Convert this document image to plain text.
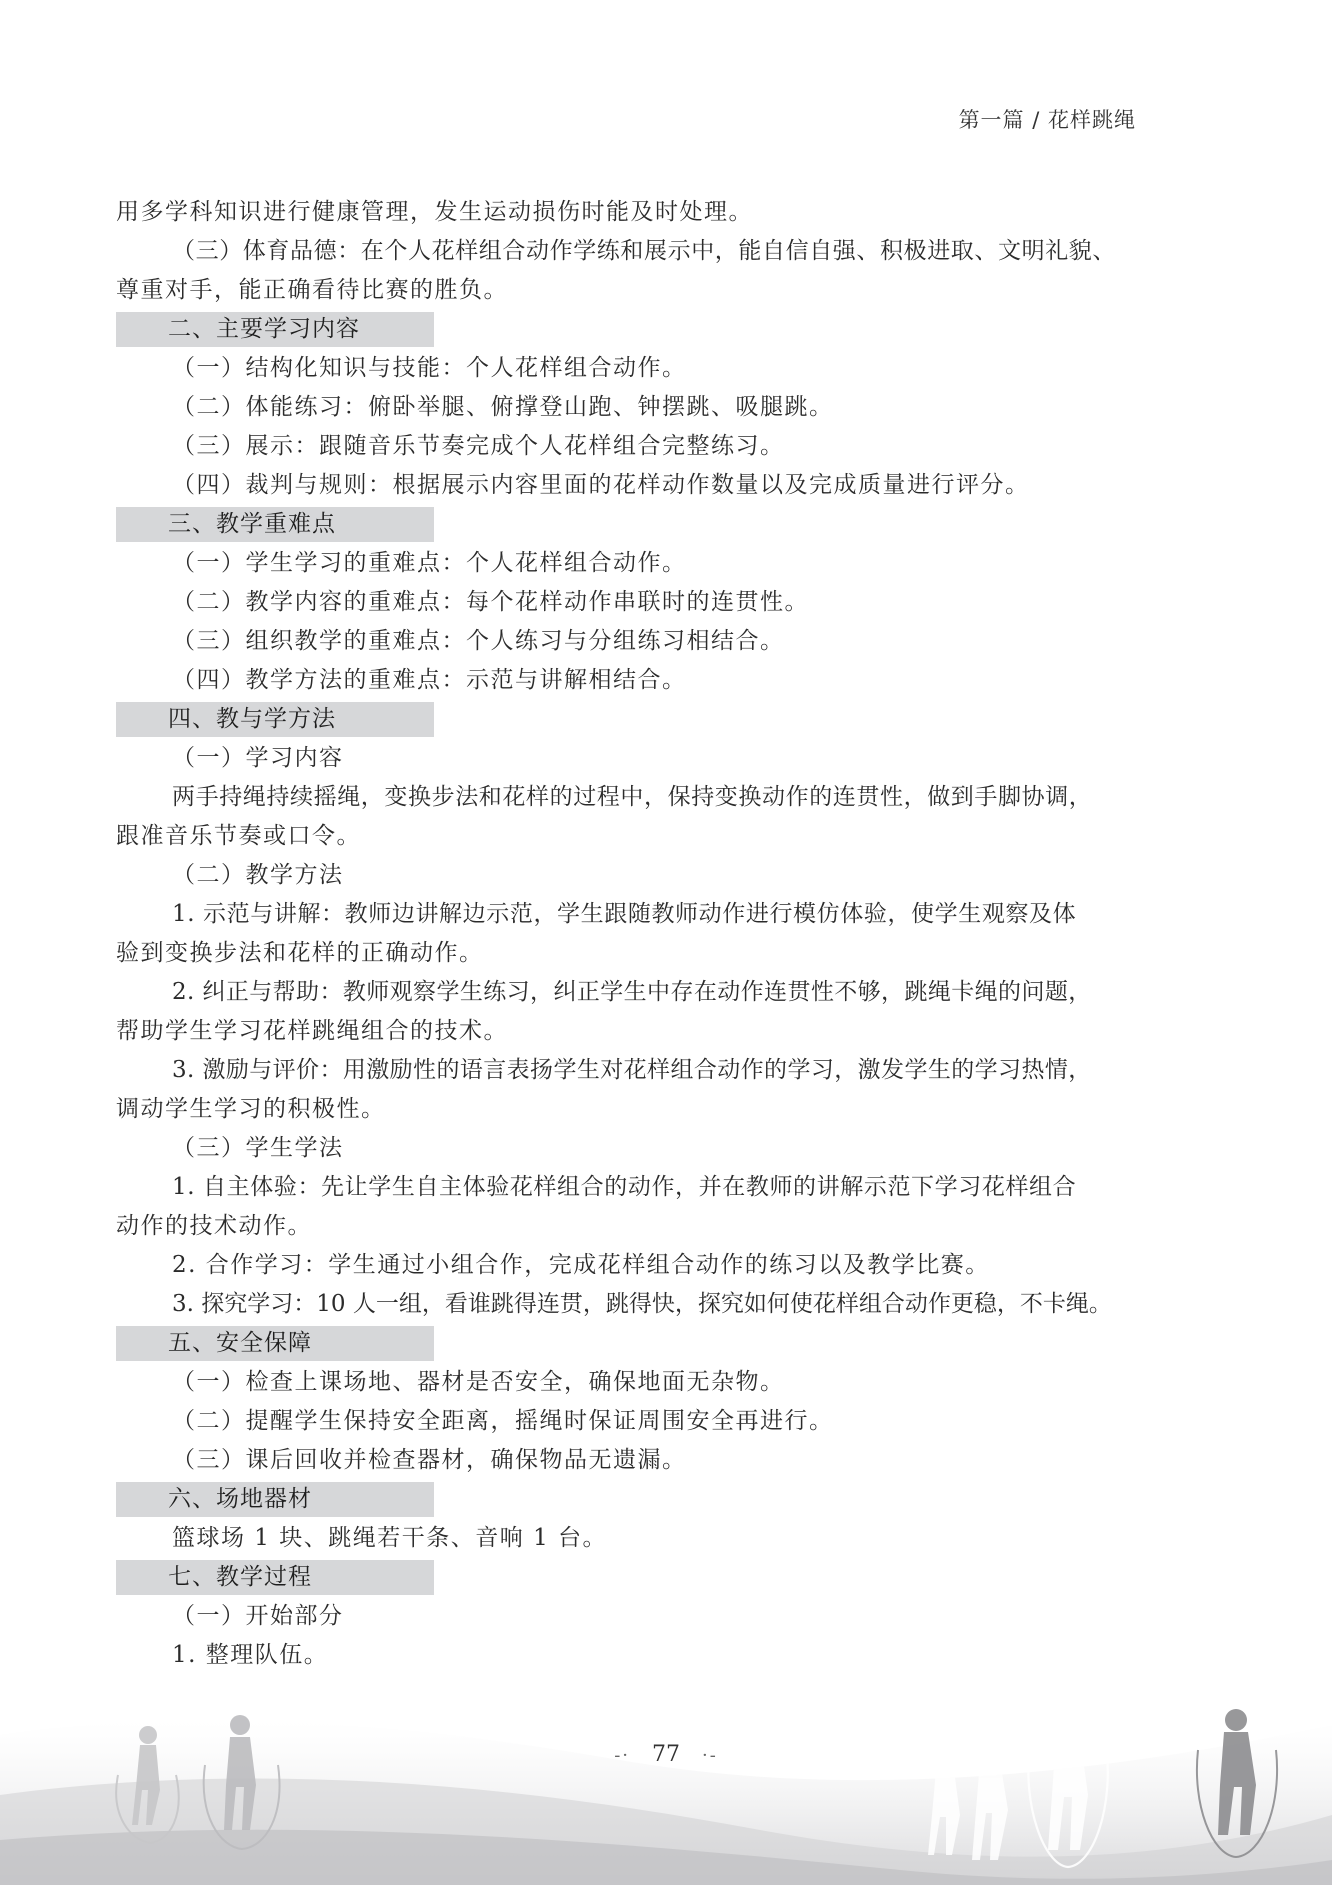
第一篇 / 花样跳绳
用多学科知识进行健康管理，发生运动损伤时能及时处理。
（三）体育品德：在个人花样组合动作学练和展示中，能自信自强、积极进取、文明礼貌、
尊重对手，能正确看待比赛的胜负。
二、主要学习内容
（一）结构化知识与技能：个人花样组合动作。
（二）体能练习：俯卧举腿、俯撑登山跑、钟摆跳、吸腿跳。
（三）展示：跟随音乐节奏完成个人花样组合完整练习。
（四）裁判与规则：根据展示内容里面的花样动作数量以及完成质量进行评分。
三、教学重难点
（一）学生学习的重难点：个人花样组合动作。
（二）教学内容的重难点：每个花样动作串联时的连贯性。
（三）组织教学的重难点：个人练习与分组练习相结合。
（四）教学方法的重难点：示范与讲解相结合。
四、教与学方法
（一）学习内容
两手持绳持续摇绳，变换步法和花样的过程中，保持变换动作的连贯性，做到手脚协调，
跟准音乐节奏或口令。
（二）教学方法
1. 示范与讲解：教师边讲解边示范，学生跟随教师动作进行模仿体验，使学生观察及体
验到变换步法和花样的正确动作。
2. 纠正与帮助：教师观察学生练习，纠正学生中存在动作连贯性不够，跳绳卡绳的问题，
帮助学生学习花样跳绳组合的技术。
3. 激励与评价：用激励性的语言表扬学生对花样组合动作的学习，激发学生的学习热情，
调动学生学习的积极性。
（三）学生学法
1. 自主体验：先让学生自主体验花样组合的动作，并在教师的讲解示范下学习花样组合
动作的技术动作。
2. 合作学习：学生通过小组合作，完成花样组合动作的练习以及教学比赛。
3. 探究学习：10 人一组，看谁跳得连贯，跳得快，探究如何使花样组合动作更稳，不卡绳。
五、安全保障
（一）检查上课场地、器材是否安全，确保地面无杂物。
（二）提醒学生保持安全距离，摇绳时保证周围安全再进行。
（三）课后回收并检查器材，确保物品无遗漏。
六、场地器材
篮球场 1 块、跳绳若干条、音响 1 台。
七、教学过程
（一）开始部分
1. 整理队伍。
-· 77 ·-
